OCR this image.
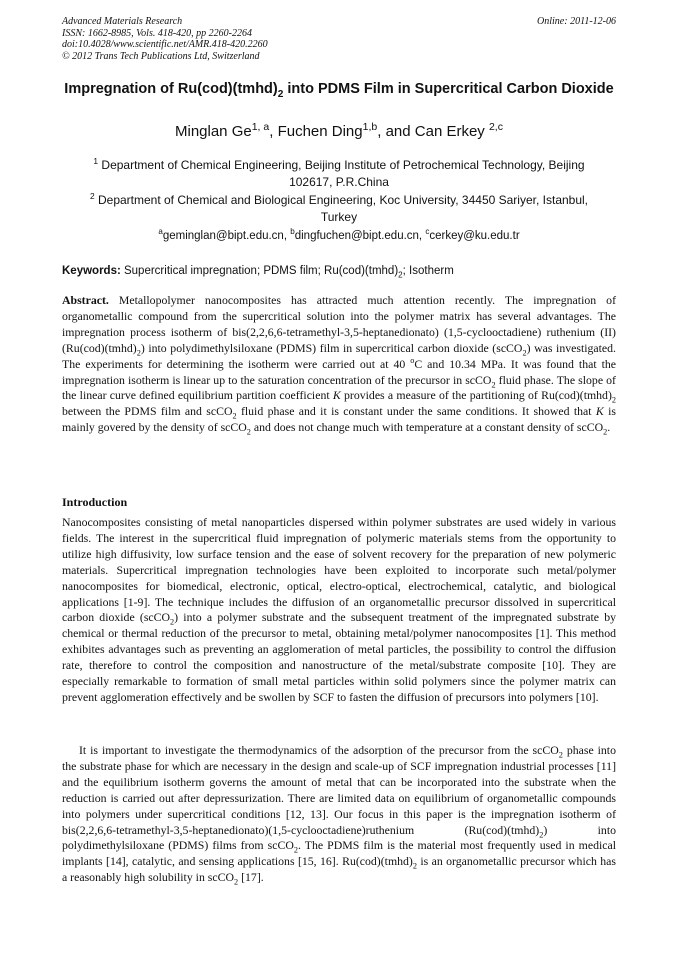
Advanced Materials Research
ISSN: 1662-8985, Vols. 418-420, pp 2260-2264
doi:10.4028/www.scientific.net/AMR.418-420.2260
© 2012 Trans Tech Publications Ltd, Switzerland
Online: 2011-12-06
Impregnation of $Ru(cod)(tmhd)_2$ into PDMS Film in Supercritical Carbon Dioxide
Minglan Ge$^{1, a}$, Fuchen Ding$^{1,b}$, and Can Erkey $^{2,c}$
$^1$ Department of Chemical Engineering, Beijing Institute of Petrochemical Technology, Beijing 102617, P.R.China
$^2$ Department of Chemical and Biological Engineering, Koc University, 34450 Sariyer, Istanbul, Turkey
$^a$geminglan@bipt.edu.cn, $^b$dingfuchen@bipt.edu.cn, $^c$cerkey@ku.edu.tr
Keywords: Supercritical impregnation; PDMS film; $Ru(cod)(tmhd)_2$; Isotherm
Abstract. Metallopolymer nanocomposites has attracted much attention recently. The impregnation of organometallic compound from the supercritical solution into the polymer matrix has several advantages. The impregnation process isotherm of bis(2,2,6,6-tetramethyl-3,5-heptanedionato) (1,5-cyclooctadiene) ruthenium (II) $(Ru(cod)(tmhd)_2)$ into polydimethylsiloxane (PDMS) film in supercritical carbon dioxide (scCO$_2$) was investigated. The experiments for determining the isotherm were carried out at 40 $^o$C and 10.34 MPa. It was found that the impregnation isotherm is linear up to the saturation concentration of the precursor in scCO$_2$ fluid phase. The slope of the linear curve defined equilibrium partition coefficient K provides a measure of the partitioning of $Ru(cod)(tmhd)_2$ between the PDMS film and scCO$_2$ fluid phase and it is constant under the same conditions. It showed that K is mainly govered by the density of scCO$_2$ and does not change much with temperature at a constant density of scCO$_2$.
Introduction
Nanocomposites consisting of metal nanoparticles dispersed within polymer substrates are used widely in various fields. The interest in the supercritical fluid impregnation of polymeric materials stems from the opportunity to utilize high diffusivity, low surface tension and the ease of solvent recovery for the preparation of new polymeric materials. Supercritical impregnation technologies have been exploited to incorporate such metal/polymer nanocomposites for biomedical, electronic, optical, electro-optical, electrochemical, catalytic, and biological applications [1-9]. The technique includes the diffusion of an organometallic precursor dissolved in supercritical carbon dioxide (scCO$_2$) into a polymer substrate and the subsequent treatment of the impregnated substrate by chemical or thermal reduction of the precursor to metal, obtaining metal/polymer nanocomposites [1]. This method exhibites advantages such as preventing an agglomeration of metal particles, the possibility to control the diffusion rate, therefore to control the composition and nanostructure of the metal/substrate composite [10]. They are especially remarkable to formation of small metal particles within solid polymers since the polymer matrix can prevent agglomeration effectively and be swollen by SCF to fasten the diffusion of precursors into polymers [10].
It is important to investigate the thermodynamics of the adsorption of the precursor from the scCO$_2$ phase into the substrate phase for which are necessary in the design and scale-up of SCF impregnation industrial processes [11] and the equilibrium isotherm governs the amount of metal that can be incorporated into the substrate when the reduction is carried out after depressurization. There are limited data on equilibrium of organometallic compounds into polymers under supercritical conditions [12, 13]. Our focus in this paper is the impregnation isotherm of bis(2,2,6,6-tetramethyl-3,5-heptanedionato)(1,5-cyclooctadiene)ruthenium $(Ru(cod)(tmhd)_2)$ into polydimethylsiloxane (PDMS) films from scCO$_2$. The PDMS film is the material most frequently used in medical implants [14], catalytic, and sensing applications [15, 16]. $Ru(cod)(tmhd)_2$ is an organometallic precursor which has a reasonably high solubility in scCO$_2$ [17].
